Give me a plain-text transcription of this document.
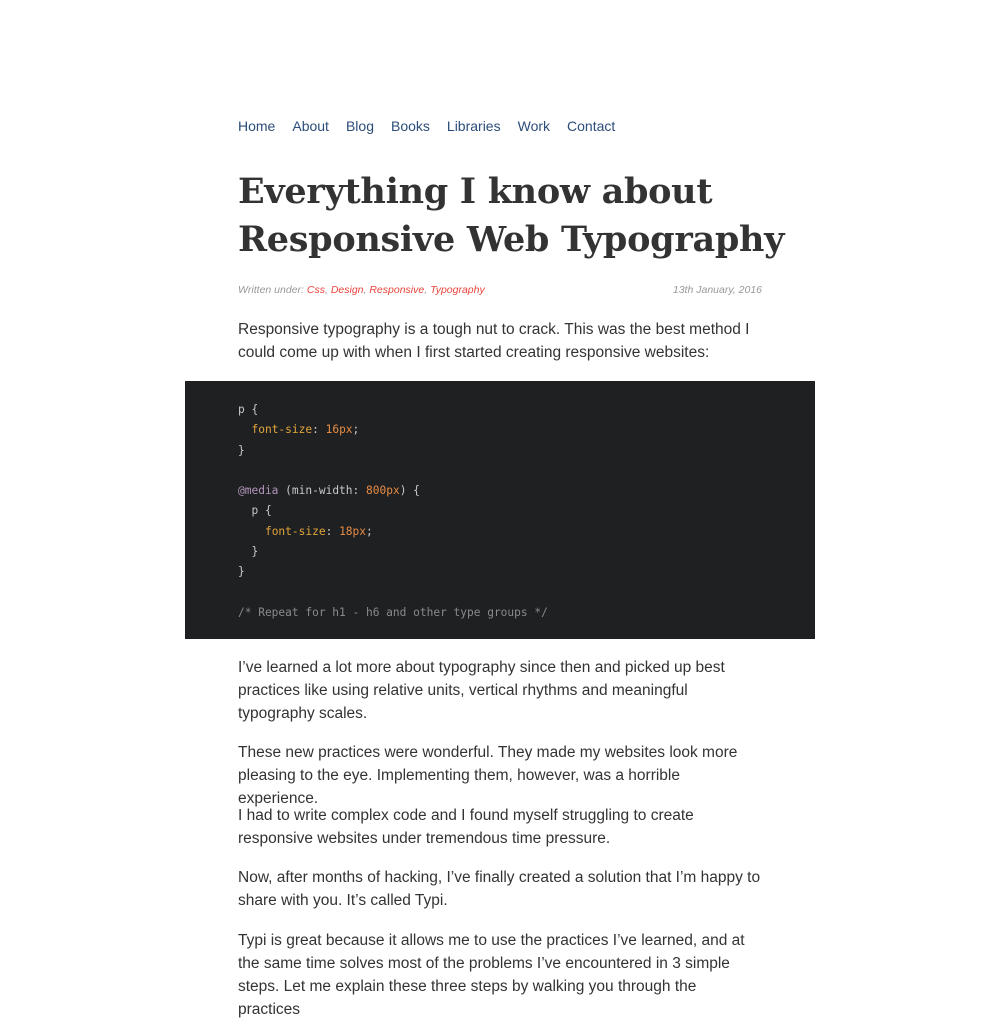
Home About Blog Books Libraries Work Contact
Everything I know about Responsive Web Typography
Written under: Css, Design, Responsive, Typography	13th January, 2016

Responsive typography is a tough nut to crack. This was the best method I could come up with when I first started creating responsive websites:

p {
font-size: 16px;
}

@media (min-width: 800px) {
p {
font-size: 18px;
}
}

/* Repeat for h1 - h6 and other type groups */

I’ve learned a lot more about typography since then and picked up best practices like using relative units, vertical rhythms and meaningful typography scales.

These new practices were wonderful. They made my websites look more pleasing to the eye. Implementing them, however, was a horrible experience.

I had to write complex code and I found myself struggling to create responsive websites under tremendous time pressure.

Now, after months of hacking, I’ve finally created a solution that I’m happy to share with you. It’s called Typi.

Typi is great because it allows me to use the practices I’ve learned, and at the same time solves most of the problems I’ve encountered in 3 simple steps. Let me explain these three steps by walking you through the practices
